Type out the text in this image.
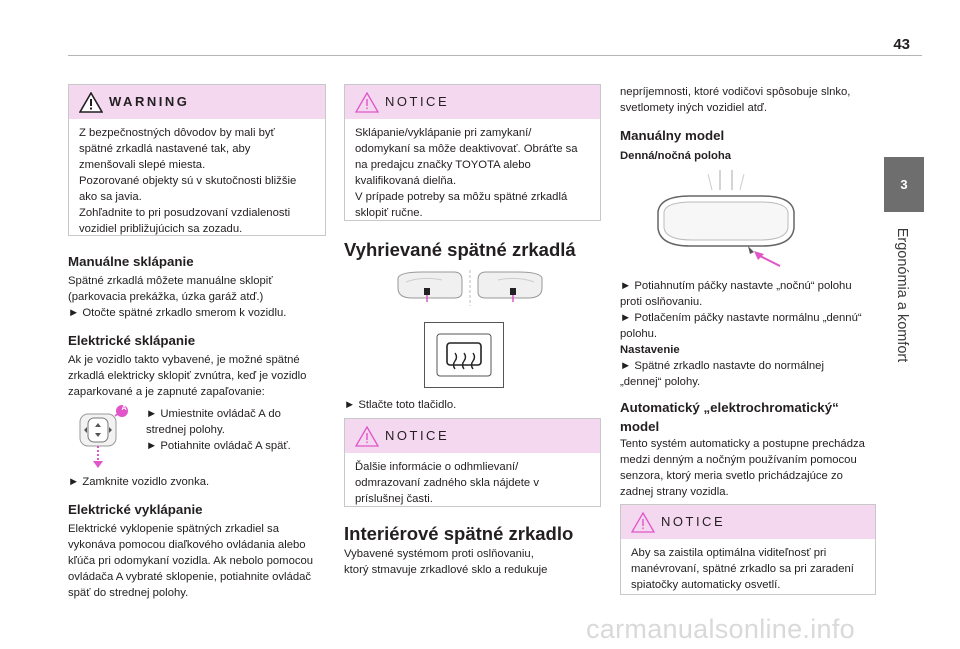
43
3
Ergonómia a komfort
WARNING
Z bezpečnostných dôvodov by mali byť
spätné zrkadlá nastavené tak, aby
zmenšovali slepé miesta.
Pozorované objekty sú v skutočnosti bližšie
ako sa javia.
Zohľadnite to pri posudzovaní vzdialenosti
vozidiel približujúcich sa zozadu.
Manuálne sklápanie
Spätné zrkadlá môžete manuálne sklopiť
(parkovacia prekážka, úzka garáž atď.)
► Otočte spätné zrkadlo smerom k vozidlu.
Elektrické sklápanie
Ak je vozidlo takto vybavené, je možné spätné
zrkadlá elektricky sklopiť zvnútra, keď je vozidlo
zaparkované a je zapnuté zapaľovanie:
A ► Umiestnite ovládač A do
strednej polohy.
► Potiahnite ovládač A späť.
► Zamknite vozidlo zvonka.
Elektrické vyklápanie
Elektrické vyklopenie spätných zrkadiel sa
vykonáva pomocou diaľkového ovládania alebo
kľúča pri odomykaní vozidla. Ak nebolo pomocou
ovládača A vybraté sklopenie, potiahnite ovládač
späť do strednej polohy.
NOTICE
Sklápanie/vyklápanie pri zamykaní/
odomykaní sa môže deaktivovať. Obráťte sa
na predajcu značky TOYOTA alebo
kvalifikovaná dielňa.
V prípade potreby sa môžu spätné zrkadlá
sklopiť ručne.
Vyhrievané spätné zrkadlá
► Stlačte toto tlačidlo.
NOTICE
Ďalšie informácie o odhmlievaní/
odmrazovaní zadného skla nájdete v
príslušnej časti.
Interiérové spätné zrkadlo
Vybavené systémom proti oslňovaniu,
ktorý stmavuje zrkadlové sklo a redukuje
nepríjemnosti, ktoré vodičovi spôsobuje slnko,
svetlomety iných vozidiel atď.
Manuálny model
Denná/nočná poloha
► Potiahnutím páčky nastavte „nočnú“ polohu
proti oslňovaniu.
► Potlačením páčky nastavte normálnu „dennú“
polohu.
Nastavenie
► Spätné zrkadlo nastavte do normálnej
„dennej“ polohy.
Automatický „elektrochromatický“
model
Tento systém automaticky a postupne prechádza
medzi denným a nočným používaním pomocou
senzora, ktorý meria svetlo prichádzajúce zo
zadnej strany vozidla.
NOTICE
Aby sa zaistila optimálna viditeľnosť pri
manévrovaní, spätné zrkadlo sa pri zaradení
spiatočky automaticky osvetlí.
carmanualsonline.info
